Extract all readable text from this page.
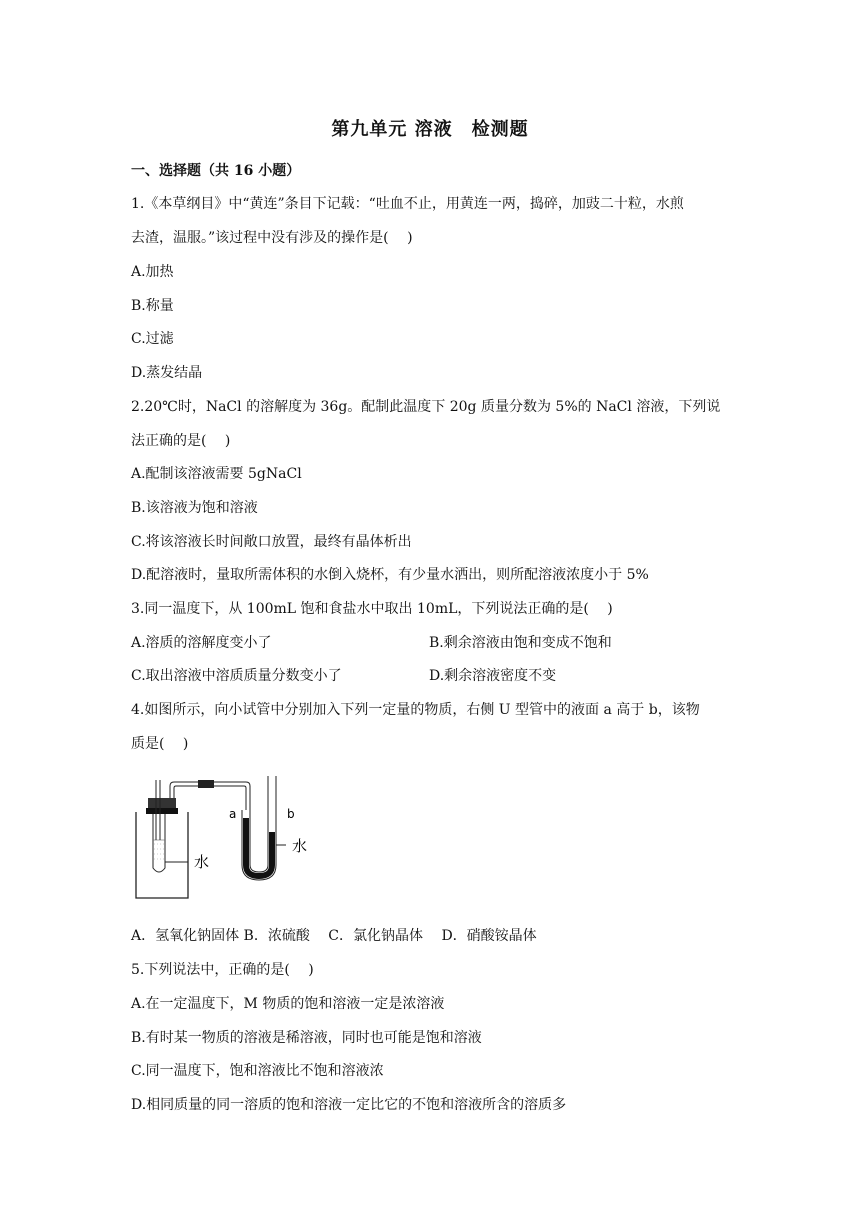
第九单元 溶液　检测题
一、选择题（共 16 小题）
1.《本草纲目》中“黄连”条目下记载：“吐血不止，用黄连一两，捣碎，加豉二十粒，水煎
去渣，温服。”该过程中没有涉及的操作是(　 )
A.加热
B.称量
C.过滤
D.蒸发结晶
2.20℃时，NaCl 的溶解度为 36g。配制此温度下 20g 质量分数为 5%的 NaCl 溶液，下列说
法正确的是(　 )
A.配制该溶液需要 5gNaCl
B.该溶液为饱和溶液
C.将该溶液长时间敞口放置，最终有晶体析出
D.配溶液时，量取所需体积的水倒入烧杯，有少量水洒出，则所配溶液浓度小于 5%
3.同一温度下，从 100mL 饱和食盐水中取出 10mL，下列说法正确的是(　 )
A.溶质的溶解度变小了	B.剩余溶液由饱和变成不饱和
C.取出溶液中溶质质量分数变小了	D.剩余溶液密度不变
4.如图所示，向小试管中分别加入下列一定量的物质，右侧 U 型管中的液面 a 高于 b，该物
质是(　 )
水
a	b
水
A．氢氧化钠固体 B．浓硫酸　 C．氯化钠晶体　 D．硝酸铵晶体
5.下列说法中，正确的是(　 )
A.在一定温度下，M 物质的饱和溶液一定是浓溶液
B.有时某一物质的溶液是稀溶液，同时也可能是饱和溶液
C.同一温度下，饱和溶液比不饱和溶液浓
D.相同质量的同一溶质的饱和溶液一定比它的不饱和溶液所含的溶质多
